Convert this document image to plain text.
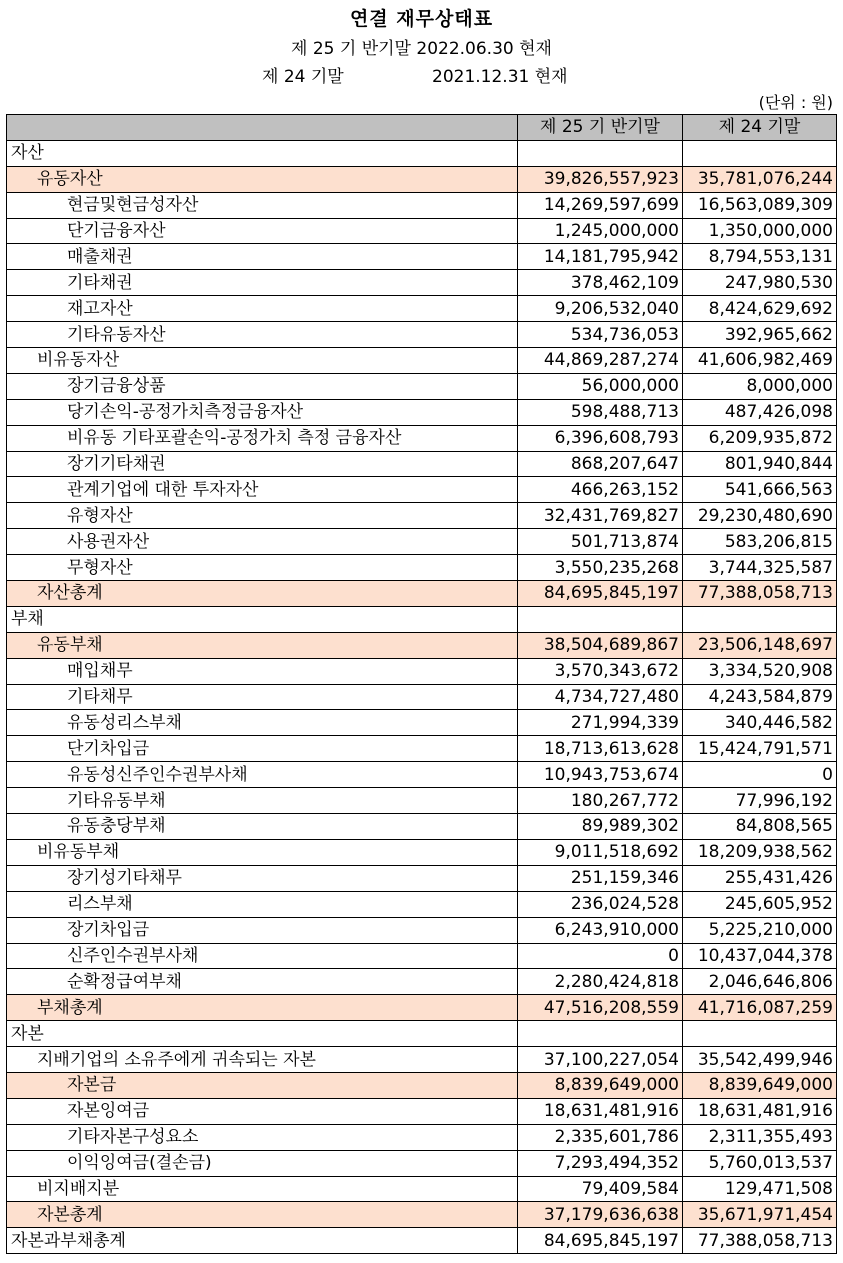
연결 재무상태표
제 25 기 반기말 2022.06.30 현재
제 24 기말	2021.12.31 현재
(단위 : 원)
	제 25 기 반기말	제 24 기말
자산		
유동자산	39,826,557,923	35,781,076,244
현금및현금성자산	14,269,597,699	16,563,089,309
단기금융자산	1,245,000,000	1,350,000,000
매출채권	14,181,795,942	8,794,553,131
기타채권	378,462,109	247,980,530
재고자산	9,206,532,040	8,424,629,692
기타유동자산	534,736,053	392,965,662
비유동자산	44,869,287,274	41,606,982,469
장기금융상품	56,000,000	8,000,000
당기손익-공정가치측정금융자산	598,488,713	487,426,098
비유동 기타포괄손익-공정가치 측정 금융자산	6,396,608,793	6,209,935,872
장기기타채권	868,207,647	801,940,844
관계기업에 대한 투자자산	466,263,152	541,666,563
유형자산	32,431,769,827	29,230,480,690
사용권자산	501,713,874	583,206,815
무형자산	3,550,235,268	3,744,325,587
자산총계	84,695,845,197	77,388,058,713
부채		
유동부채	38,504,689,867	23,506,148,697
매입채무	3,570,343,672	3,334,520,908
기타채무	4,734,727,480	4,243,584,879
유동성리스부채	271,994,339	340,446,582
단기차입금	18,713,613,628	15,424,791,571
유동성신주인수권부사채	10,943,753,674	0
기타유동부채	180,267,772	77,996,192
유동충당부채	89,989,302	84,808,565
비유동부채	9,011,518,692	18,209,938,562
장기성기타채무	251,159,346	255,431,426
리스부채	236,024,528	245,605,952
장기차입금	6,243,910,000	5,225,210,000
신주인수권부사채	0	10,437,044,378
순확정급여부채	2,280,424,818	2,046,646,806
부채총계	47,516,208,559	41,716,087,259
자본		
지배기업의 소유주에게 귀속되는 자본	37,100,227,054	35,542,499,946
자본금	8,839,649,000	8,839,649,000
자본잉여금	18,631,481,916	18,631,481,916
기타자본구성요소	2,335,601,786	2,311,355,493
이익잉여금(결손금)	7,293,494,352	5,760,013,537
비지배지분	79,409,584	129,471,508
자본총계	37,179,636,638	35,671,971,454
자본과부채총계	84,695,845,197	77,388,058,713
